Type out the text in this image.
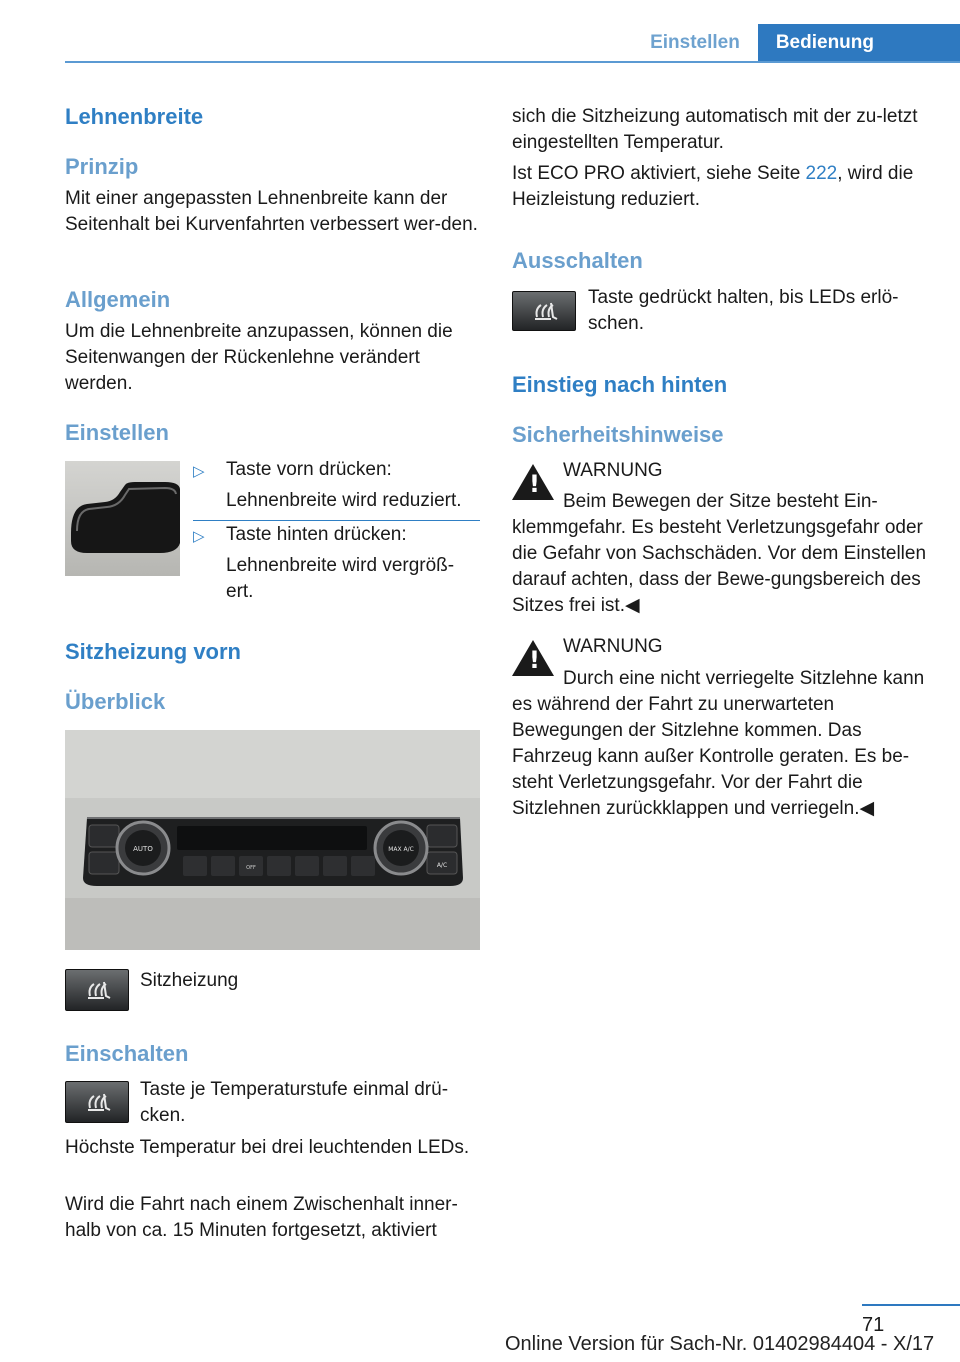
Einstellen	Bedienung
Lehnenbreite
Prinzip
Mit einer angepassten Lehnenbreite kann der Seitenhalt bei Kurvenfahrten verbessert wer-den.
Allgemein
Um die Lehnenbreite anzupassen, können die Seitenwangen der Rückenlehne verändert werden.
Einstellen
▷ Taste vorn drücken:
Lehnenbreite wird reduziert.
▷ Taste hinten drücken:
Lehnenbreite wird vergröß-ert.
Sitzheizung vorn
Überblick
AUTO	MAX A/C
A/C
OFF
Sitzheizung
Einschalten
Taste je Temperaturstufe einmal drü-cken.
Höchste Temperatur bei drei leuchtenden LEDs.
Wird die Fahrt nach einem Zwischenhalt inner-halb von ca. 15 Minuten fortgesetzt, aktiviert
sich die Sitzheizung automatisch mit der zu-letzt eingestellten Temperatur.
Ist ECO PRO aktiviert, siehe Seite 222, wird die Heizleistung reduziert.
Ausschalten
Taste gedrückt halten, bis LEDs erlö-schen.
Einstieg nach hinten
Sicherheitshinweise
!
WARNUNG
Beim Bewegen der Sitze besteht Ein-klemmgefahr. Es besteht Verletzungsgefahr oder die Gefahr von Sachschäden. Vor dem Einstellen darauf achten, dass der Bewe-gungsbereich des Sitzes frei ist.◀
!
WARNUNG
Durch eine nicht verriegelte Sitzlehne kann es während der Fahrt zu unerwarteten Bewegungen der Sitzlehne kommen. Das Fahrzeug kann außer Kontrolle geraten. Es be-steht Verletzungsgefahr. Vor der Fahrt die Sitzlehnen zurückklappen und verriegeln.◀
71
Online Version für Sach-Nr. 01402984404 - X/17
